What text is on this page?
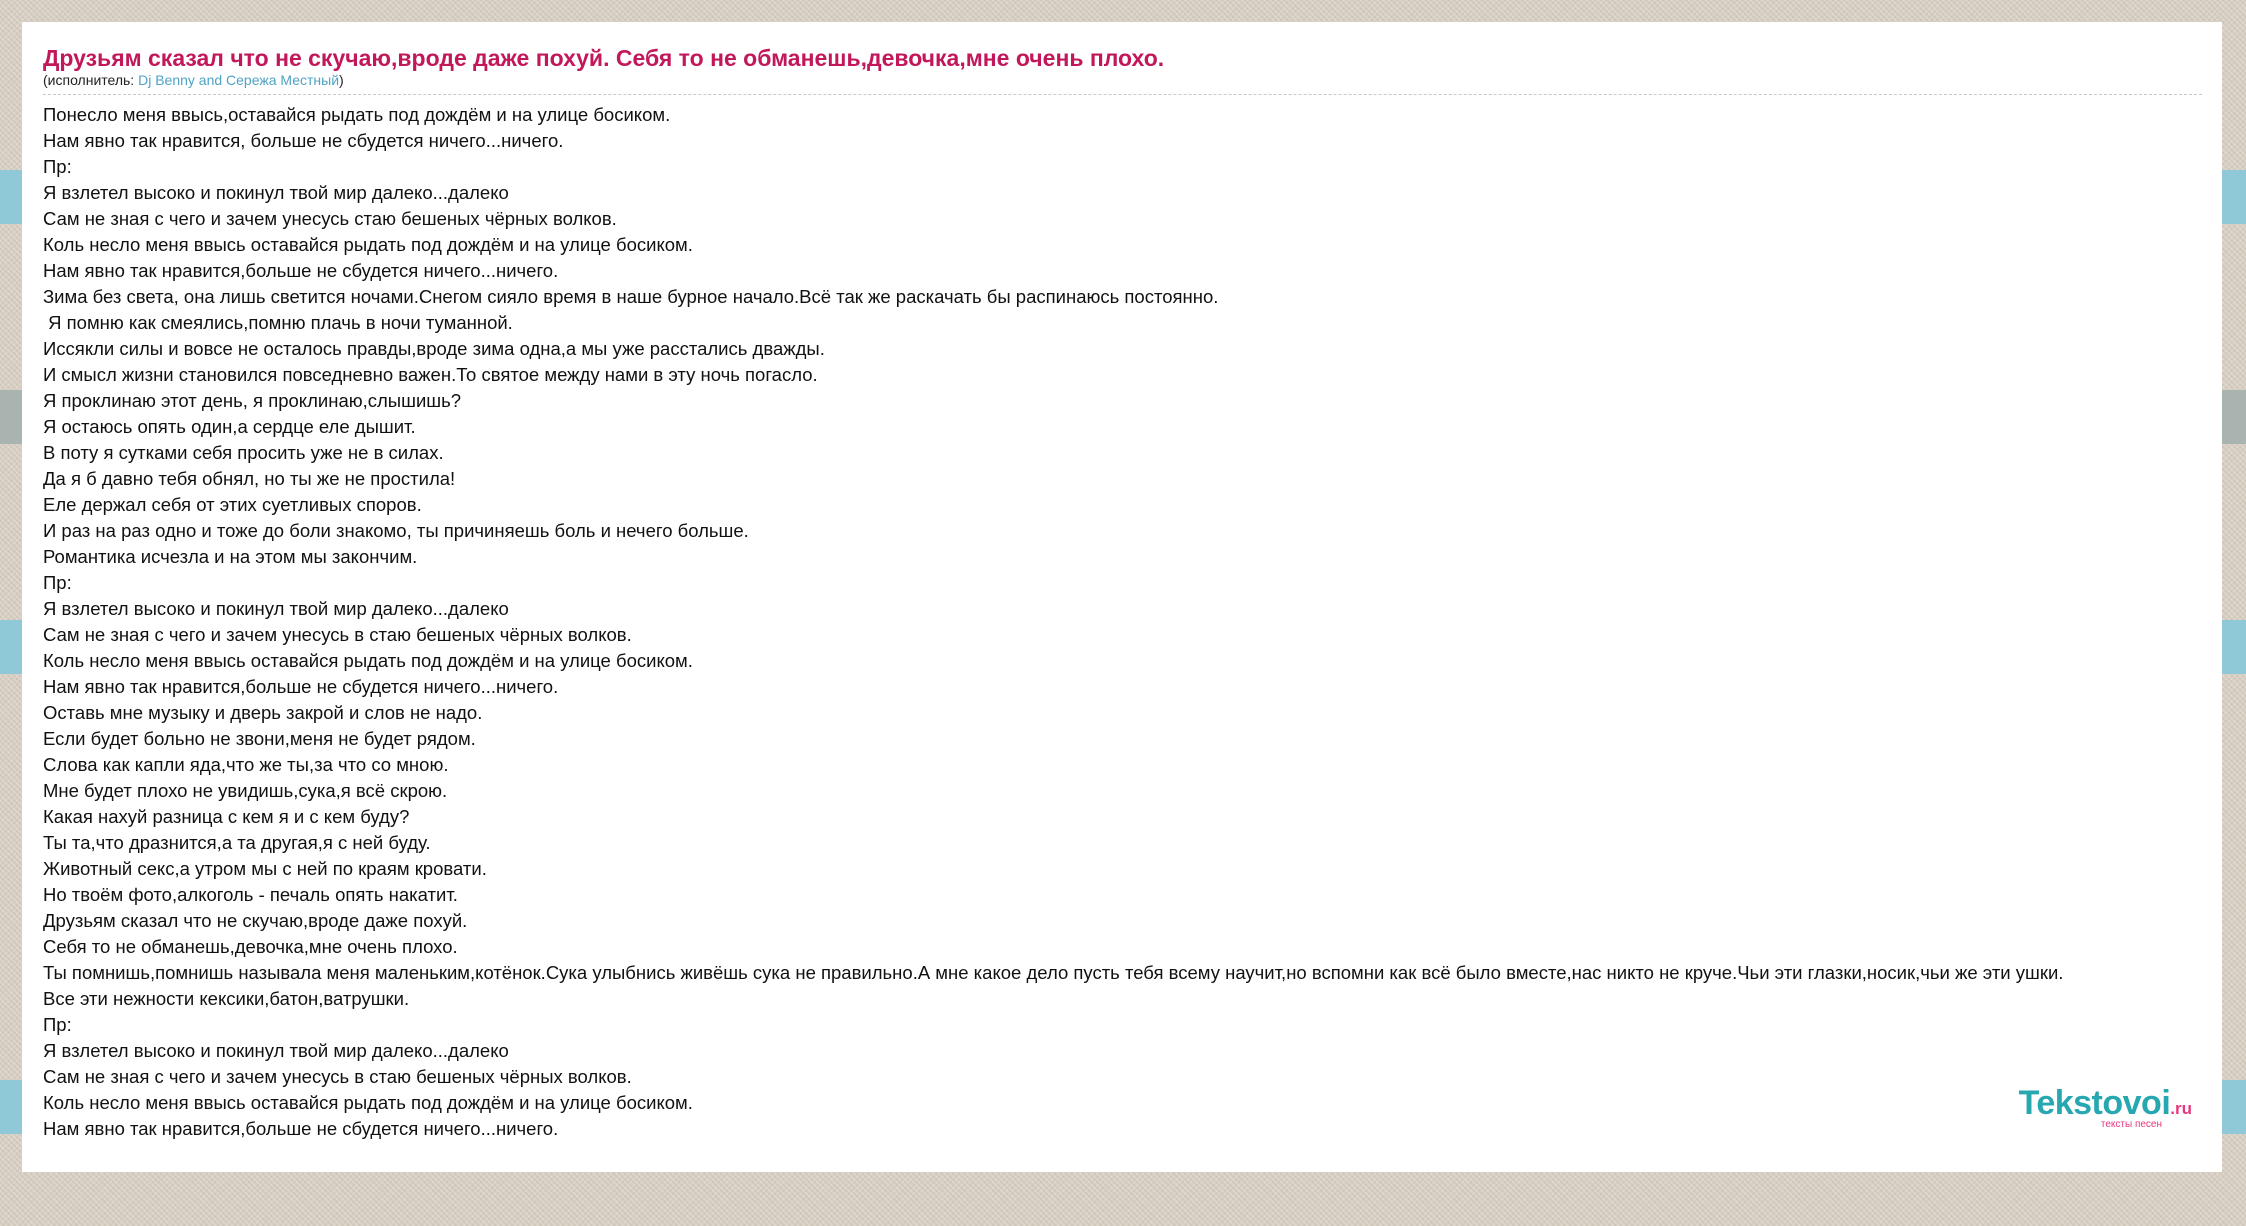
Друзьям сказал что не скучаю,вроде даже похуй. Себя то не обманешь,девочка,мне очень плохо.
(исполнитель: Dj Benny and Сережа Местный)
Понесло меня ввысь,оставайся рыдать под дождём и на улице босиком.
Нам явно так нравится, больше не сбудется ничего...ничего.
Пр:
Я взлетел высоко и покинул твой мир далеко...далеко
Сам не зная с чего и зачем унесусь стаю бешеных чёрных волков.
Коль несло меня ввысь оставайся рыдать под дождём и на улице босиком.
Нам явно так нравится,больше не сбудется ничего...ничего.
Зима без света, она лишь светится ночами.Снегом сияло время в наше бурное начало.Всё так же раскачать бы распинаюсь постоянно.
Я помню как смеялись,помню плачь в ночи туманной.
Иссякли силы и вовсе не осталось правды,вроде зима одна,а мы уже расстались дважды.
И смысл жизни становился повседневно важен.То святое между нами в эту ночь погасло.
Я проклинаю этот день, я проклинаю,слышишь?
Я остаюсь опять один,а сердце еле дышит.
В поту я сутками себя просить уже не в силах.
Да я б давно тебя обнял, но ты же не простила!
Еле держал себя от этих суетливых споров.
И раз на раз одно и тоже до боли знакомо, ты причиняешь боль и нечего больше.
Романтика исчезла и на этом мы закончим.
Пр:
Я взлетел высоко и покинул твой мир далеко...далеко
Сам не зная с чего и зачем унесусь в стаю бешеных чёрных волков.
Коль несло меня ввысь оставайся рыдать под дождём и на улице босиком.
Нам явно так нравится,больше не сбудется ничего...ничего.
Оставь мне музыку и дверь закрой и слов не надо.
Если будет больно не звони,меня не будет рядом.
Слова как капли яда,что же ты,за что со мною.
Мне будет плохо не увидишь,сука,я всё скрою.
Какая нахуй разница с кем я и с кем буду?
Ты та,что дразнится,а та другая,я с ней буду.
Животный секс,а утром мы с ней по краям кровати.
Но твоём фото,алкоголь - печаль опять накатит.
Друзьям сказал что не скучаю,вроде даже похуй.
Себя то не обманешь,девочка,мне очень плохо.
Ты помнишь,помнишь называла меня маленьким,котёнок.Сука улыбнись живёшь сука не правильно.А мне какое дело пусть тебя всему научит,но вспомни как всё было вместе,нас никто не круче.Чьи эти глазки,носик,чьи же эти ушки.
Все эти нежности кексики,батон,ватрушки.
Пр:
Я взлетел высоко и покинул твой мир далеко...далеко
Сам не зная с чего и зачем унесусь в стаю бешеных чёрных волков.
Коль несло меня ввысь оставайся рыдать под дождём и на улице босиком.
Нам явно так нравится,больше не сбудется ничего...ничего.
Tekstovoi.ru
тексты песен
